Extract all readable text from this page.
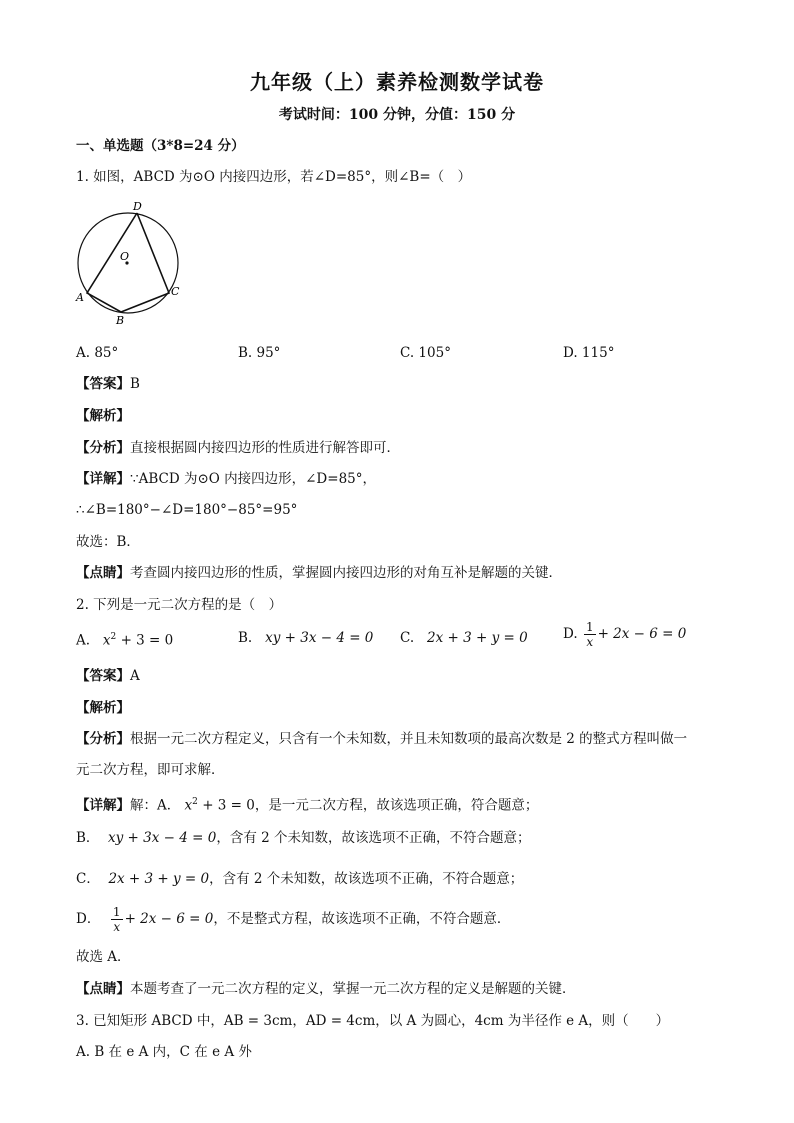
九年级（上）素养检测数学试卷
考试时间：100 分钟，分值：150 分
一、单选题（3*8=24 分）
1. 如图，ABCD 为⊙O 内接四边形，若∠D=85°，则∠B=（　）
D
O
A
B
C
A. 85°	B. 95°	C. 105°	D. 115°
【答案】B
【解析】
【分析】直接根据圆内接四边形的性质进行解答即可．
【详解】∵ABCD 为⊙O 内接四边形，∠D=85°，
∴∠B=180°−∠D=180°−85°=95°
故选：B．
【点睛】考查圆内接四边形的性质，掌握圆内接四边形的对角互补是解题的关键．
2. 下列是一元二次方程的是（　）
A. $x^2 + 3 = 0$	B. xy + 3x − 4 = 0 C. 2x + 3 + y = 0	D. $\frac{1}{x} + 2x - 6 = 0$
【答案】A
【解析】
【分析】根据一元二次方程定义，只含有一个未知数，并且未知数项的最高次数是 2 的整式方程叫做一
元二次方程，即可求解．
【详解】解：A． $x^2 + 3 = 0$，是一元二次方程，故该选项正确，符合题意；
B． xy + 3x − 4 = 0，含有 2 个未知数，故该选项不正确，不符合题意；
C． 2x + 3 + y = 0，含有 2 个未知数，故该选项不正确，不符合题意；
D． $\frac{1}{x} + 2x - 6 = 0$，不是整式方程，故该选项不正确，不符合题意．
故选 A．
【点睛】本题考查了一元二次方程的定义，掌握一元二次方程的定义是解题的关键．
3. 已知矩形 ABCD 中，AB = 3cm，AD = 4cm，以 A 为圆心，4cm 为半径作 e A，则（　　）
A. B 在 e A 内，C 在 e A 外
